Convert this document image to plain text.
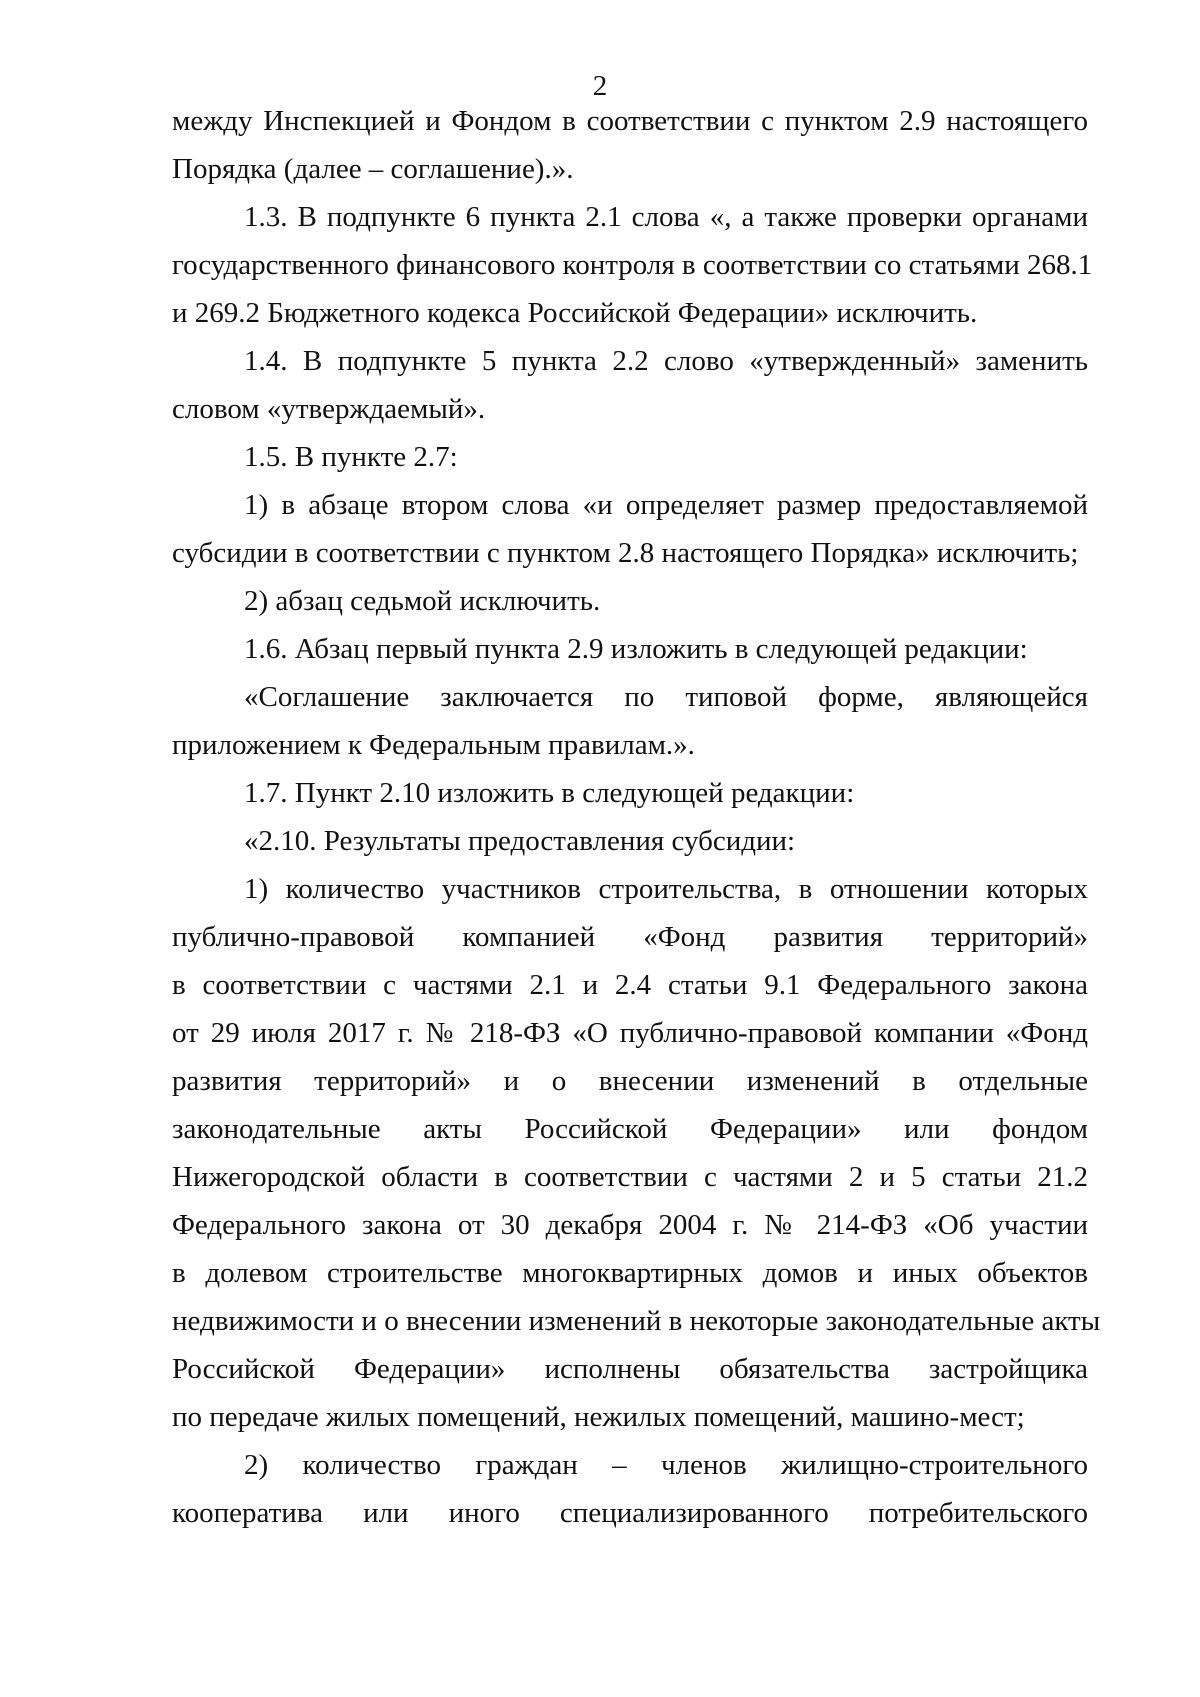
2
между Инспекцией и Фондом в соответствии с пунктом 2.9 настоящего
Порядка (далее – соглашение).».
1.3. В подпункте 6 пункта 2.1 слова «, а также проверки органами
государственного финансового контроля в соответствии со статьями 268.1
и 269.2 Бюджетного кодекса Российской Федерации» исключить.
1.4. В подпункте 5 пункта 2.2 слово «утвержденный» заменить
словом «утверждаемый».
1.5. В пункте 2.7:
1) в абзаце втором слова «и определяет размер предоставляемой
субсидии в соответствии с пунктом 2.8 настоящего Порядка» исключить;
2) абзац седьмой исключить.
1.6. Абзац первый пункта 2.9 изложить в следующей редакции:
«Соглашение заключается по типовой форме, являющейся
приложением к Федеральным правилам.».
1.7. Пункт 2.10 изложить в следующей редакции:
«2.10. Результаты предоставления субсидии:
1) количество участников строительства, в отношении которых
публично-правовой компанией «Фонд развития территорий»
в соответствии с частями 2.1 и 2.4 статьи 9.1 Федерального закона
от 29 июля 2017 г. № 218-ФЗ «О публично-правовой компании «Фонд
развития территорий» и о внесении изменений в отдельные
законодательные акты Российской Федерации» или фондом
Нижегородской области в соответствии с частями 2 и 5 статьи 21.2
Федерального закона от 30 декабря 2004 г. № 214-ФЗ «Об участии
в долевом строительстве многоквартирных домов и иных объектов
недвижимости и о внесении изменений в некоторые законодательные акты
Российской Федерации» исполнены обязательства застройщика
по передаче жилых помещений, нежилых помещений, машино-мест;
2) количество граждан – членов жилищно-строительного
кооператива или иного специализированного потребительского
